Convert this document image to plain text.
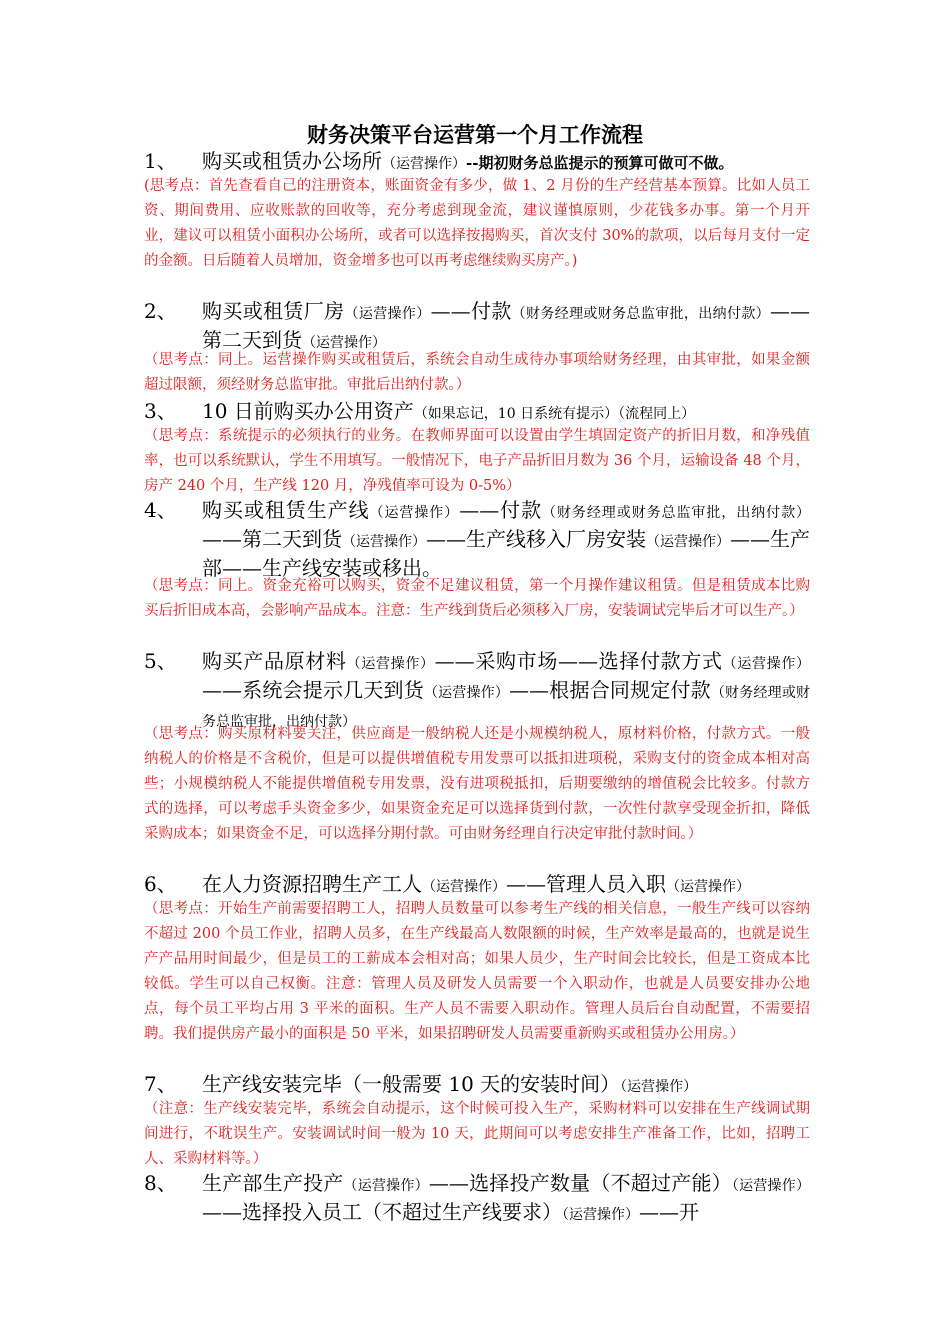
财务决策平台运营第一个月工作流程
1、	购买或租赁办公场所（运营操作）--期初财务总监提示的预算可做可不做。
(思考点：首先查看自己的注册资本，账面资金有多少，做 1、2 月份的生产经营基本预算。比如人员工资、期间费用、应收账款的回收等，充分考虑到现金流，建议谨慎原则，少花钱多办事。第一个月开业，建议可以租赁小面积办公场所，或者可以选择按揭购买，首次支付 30%的款项，以后每月支付一定的金额。日后随着人员增加，资金增多也可以再考虑继续购买房产。)
2、	购买或租赁厂房（运营操作）——付款（财务经理或财务总监审批，出纳付款）——第二天到货（运营操作）
（思考点：同上。运营操作购买或租赁后，系统会自动生成待办事项给财务经理，由其审批，如果金额超过限额，须经财务总监审批。审批后出纳付款。）
3、	10 日前购买办公用资产（如果忘记，10 日系统有提示）（流程同上）
（思考点：系统提示的必须执行的业务。在教师界面可以设置由学生填固定资产的折旧月数，和净残值率，也可以系统默认，学生不用填写。一般情况下，电子产品折旧月数为 36 个月，运输设备 48 个月，房产 240 个月，生产线 120 月，净残值率可设为 0-5%）
4、	购买或租赁生产线（运营操作）——付款（财务经理或财务总监审批，出纳付款）——第二天到货（运营操作）——生产线移入厂房安装（运营操作）——生产部——生产线安装或移出。
（思考点：同上。资金充裕可以购买，资金不足建议租赁，第一个月操作建议租赁。但是租赁成本比购买后折旧成本高，会影响产品成本。注意：生产线到货后必须移入厂房，安装调试完毕后才可以生产。）
5、	购买产品原材料（运营操作）——采购市场——选择付款方式（运营操作）——系统会提示几天到货（运营操作）——根据合同规定付款（财务经理或财务总监审批，出纳付款）
（思考点：购买原材料要关注，供应商是一般纳税人还是小规模纳税人，原材料价格，付款方式。一般纳税人的价格是不含税价，但是可以提供增值税专用发票可以抵扣进项税，采购支付的资金成本相对高些；小规模纳税人不能提供增值税专用发票，没有进项税抵扣，后期要缴纳的增值税会比较多。付款方式的选择，可以考虑手头资金多少，如果资金充足可以选择货到付款，一次性付款享受现金折扣，降低采购成本；如果资金不足，可以选择分期付款。可由财务经理自行决定审批付款时间。）
6、	在人力资源招聘生产工人（运营操作）——管理人员入职（运营操作）
（思考点：开始生产前需要招聘工人，招聘人员数量可以参考生产线的相关信息，一般生产线可以容纳不超过 200 个员工作业，招聘人员多，在生产线最高人数限额的时候，生产效率是最高的，也就是说生产产品用时间最少，但是员工的工薪成本会相对高；如果人员少，生产时间会比较长，但是工资成本比较低。学生可以自己权衡。注意：管理人员及研发人员需要一个入职动作，也就是人员要安排办公地点，每个员工平均占用 3 平米的面积。生产人员不需要入职动作。管理人员后台自动配置，不需要招聘。我们提供房产最小的面积是 50 平米，如果招聘研发人员需要重新购买或租赁办公用房。）
7、	生产线安装完毕（一般需要 10 天的安装时间）（运营操作）
（注意：生产线安装完毕，系统会自动提示，这个时候可投入生产，采购材料可以安排在生产线调试期间进行，不耽误生产。安装调试时间一般为 10 天，此期间可以考虑安排生产准备工作，比如，招聘工人、采购材料等。）
8、	生产部生产投产（运营操作）——选择投产数量（不超过产能）（运营操作）——选择投入员工（不超过生产线要求）（运营操作）——开
